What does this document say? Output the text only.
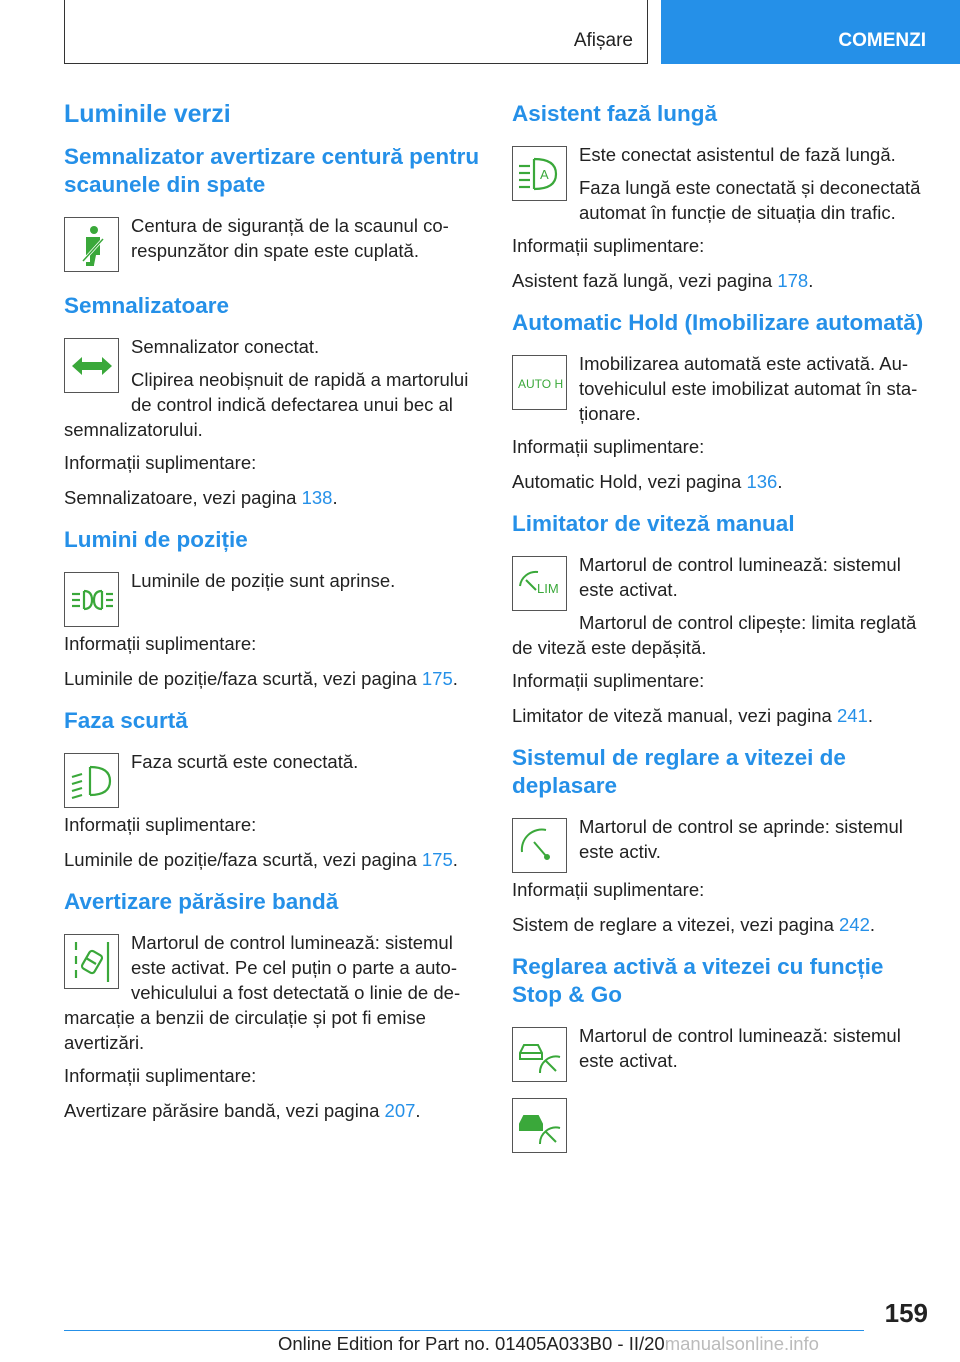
Afișare	COMENZI
Luminile verzi
Semnalizator avertizare centură pentru scaunele din spate

Centura de siguranță de la scaunul corespunzător din spate este cuplată.

Semnalizatoare

Semnalizator conectat.

Clipirea neobișnuit de rapidă a martorului de control indică defectarea unui bec al semnalizatorului.

Informații suplimentare:

Semnalizatoare, vezi pagina 138.

Lumini de poziție

Luminile de poziție sunt aprinse.

Informații suplimentare:

Luminile de poziție/faza scurtă, vezi pagina 175.

Faza scurtă

Faza scurtă este conectată.

Informații suplimentare:

Luminile de poziție/faza scurtă, vezi pagina 175.

Avertizare părăsire bandă

Martorul de control luminează: sistemul este activat. Pe cel puțin o parte a autovehiculului a fost detectată o linie de demarcație a benzii de circulație și pot fi emise avertizări.

Informații suplimentare:

Avertizare părăsire bandă, vezi pagina 207.

Asistent fază lungă
A

Este conectat asistentul de fază lungă.

Faza lungă este conectată și deconectată automat în funcție de situația din trafic.

Informații suplimentare:

Asistent fază lungă, vezi pagina 178.

Automatic Hold (Imobilizare automată)
AUTO H

Imobilizarea automată este activată. Autovehiculul este imobilizat automat în staționare.

Informații suplimentare:

Automatic Hold, vezi pagina 136.

Limitator de viteză manual
LIM

Martorul de control luminează: sistemul este activat.

Martorul de control clipește: limita reglată de viteză este depășită.

Informații suplimentare:

Limitator de viteză manual, vezi pagina 241.

Sistemul de reglare a vitezei de deplasare

Martorul de control se aprinde: sistemul este activ.

Informații suplimentare:

Sistem de reglare a vitezei, vezi pagina 242.

Reglarea activă a vitezei cu funcție Stop & Go

Martorul de control luminează: sistemul este activat.

159
Online Edition for Part no. 01405A033B0 - II/20manualsonline.info
